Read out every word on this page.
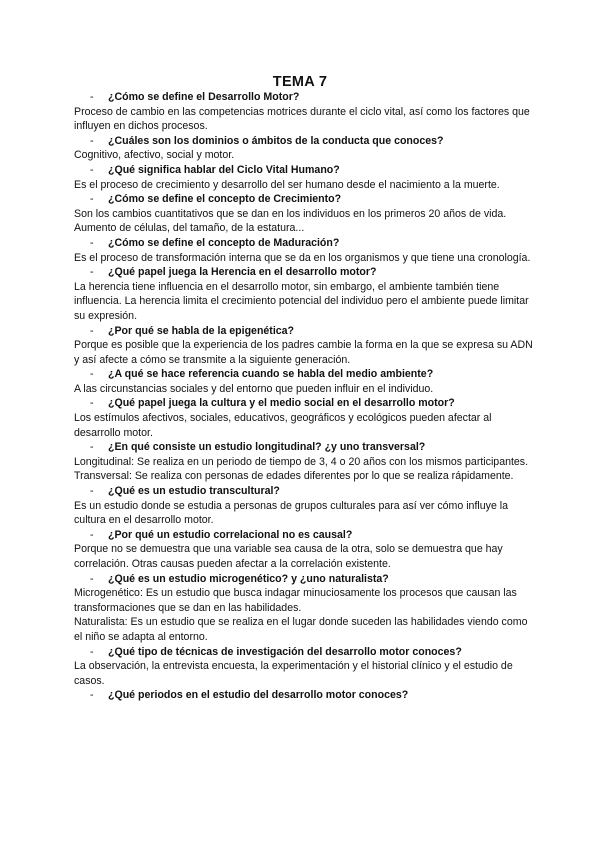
TEMA 7
- ¿Cómo se define el Desarrollo Motor?
Proceso de cambio en las competencias motrices durante el ciclo vital, así como los factores que influyen en dichos procesos.
- ¿Cuáles son los dominios o ámbitos de la conducta que conoces?
Cognitivo, afectivo, social y motor.
- ¿Qué significa hablar del Ciclo Vital Humano?
Es el proceso de crecimiento y desarrollo del ser humano desde el nacimiento a la muerte.
- ¿Cómo se define el concepto de Crecimiento?
Son los cambios cuantitativos que se dan en los individuos en los primeros 20 años de vida. Aumento de células, del tamaño, de la estatura...
- ¿Cómo se define el concepto de Maduración?
Es el proceso de transformación interna que se da en los organismos y que tiene una cronología.
- ¿Qué papel juega la Herencia en el desarrollo motor?
La herencia tiene influencia en el desarrollo motor, sin embargo, el ambiente también tiene influencia. La herencia limita el crecimiento potencial del individuo pero el ambiente puede limitar su expresión.
- ¿Por qué se habla de la epigenética?
Porque es posible que la experiencia de los padres cambie la forma en la que se expresa su ADN y así afecte a cómo se transmite a la siguiente generación.
- ¿A qué se hace referencia cuando se habla del medio ambiente?
A las circunstancias sociales y del entorno que pueden influir en el individuo.
- ¿Qué papel juega la cultura y el medio social en el desarrollo motor?
Los estímulos afectivos, sociales, educativos, geográficos y ecológicos pueden afectar al desarrollo motor.
- ¿En qué consiste un estudio longitudinal? ¿y uno transversal?
Longitudinal: Se realiza en un periodo de tiempo de 3, 4 o 20 años con los mismos participantes.
Transversal: Se realiza con personas de edades diferentes por lo que se realiza rápidamente.
- ¿Qué es un estudio transcultural?
Es un estudio donde se estudia a personas de grupos culturales para así ver cómo influye la cultura en el desarrollo motor.
- ¿Por qué un estudio correlacional no es causal?
Porque no se demuestra que una variable sea causa de la otra, solo se demuestra que hay correlación. Otras causas pueden afectar a la correlación existente.
- ¿Qué es un estudio microgenético? y ¿uno naturalista?
Microgenético: Es un estudio que busca indagar minuciosamente los procesos que causan las transformaciones que se dan en las habilidades.
Naturalista: Es un estudio que se realiza en el lugar donde suceden las habilidades viendo como el niño se adapta al entorno.
- ¿Qué tipo de técnicas de investigación del desarrollo motor conoces?
La observación, la entrevista encuesta, la experimentación y el historial clínico y el estudio de casos.
- ¿Qué periodos en el estudio del desarrollo motor conoces?
